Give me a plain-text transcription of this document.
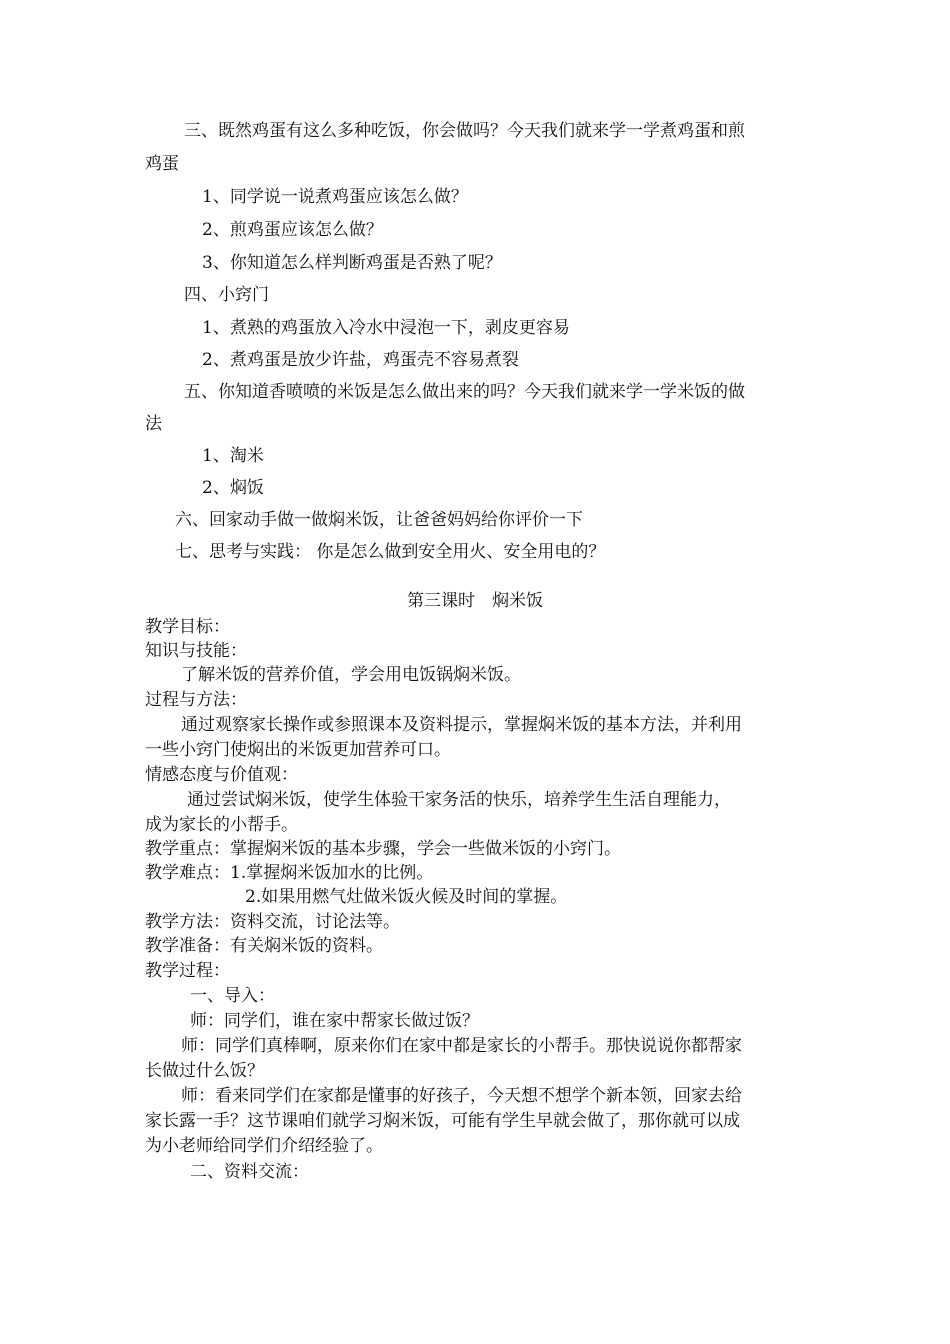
三、既然鸡蛋有这么多种吃饭，你会做吗？今天我们就来学一学煮鸡蛋和煎

鸡蛋

1、同学说一说煮鸡蛋应该怎么做？

2、煎鸡蛋应该怎么做？

3、你知道怎么样判断鸡蛋是否熟了呢？

四、小窍门

1、煮熟的鸡蛋放入冷水中浸泡一下，剥皮更容易

2、煮鸡蛋是放少许盐，鸡蛋壳不容易煮裂

五、你知道香喷喷的米饭是怎么做出来的吗？今天我们就来学一学米饭的做

法

1、淘米

2、焖饭

六、回家动手做一做焖米饭，让爸爸妈妈给你评价一下

七、思考与实践： 你是怎么做到安全用火、安全用电的？

第三课时　焖米饭

教学目标：

知识与技能：

了解米饭的营养价值，学会用电饭锅焖米饭。

过程与方法：

通过观察家长操作或参照课本及资料提示，掌握焖米饭的基本方法，并利用

一些小窍门使焖出的米饭更加营养可口。

情感态度与价值观：

通过尝试焖米饭，使学生体验干家务活的快乐，培养学生生活自理能力，

成为家长的小帮手。

教学重点：掌握焖米饭的基本步骤，学会一些做米饭的小窍门。

教学难点：1.掌握焖米饭加水的比例。

2.如果用燃气灶做米饭火候及时间的掌握。

教学方法：资料交流，讨论法等。

教学准备：有关焖米饭的资料。

教学过程：

一、导入：

师：同学们，谁在家中帮家长做过饭？

师：同学们真棒啊，原来你们在家中都是家长的小帮手。那快说说你都帮家

长做过什么饭？

师：看来同学们在家都是懂事的好孩子，今天想不想学个新本领，回家去给

家长露一手？这节课咱们就学习焖米饭，可能有学生早就会做了，那你就可以成

为小老师给同学们介绍经验了。

二、资料交流：
